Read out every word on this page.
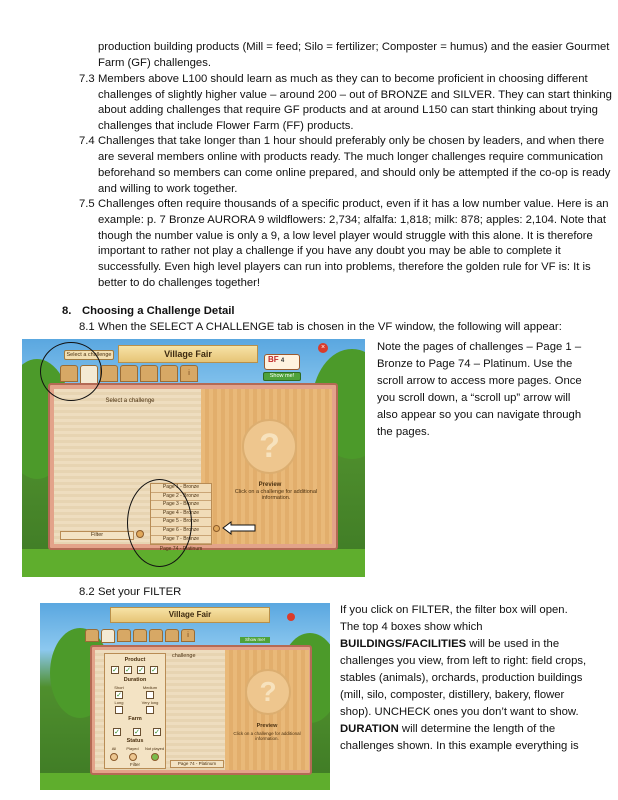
production building products (Mill = feed; Silo = fertilizer; Composter = humus) and the easier Gourmet
Farm (GF) challenges.
7.3 Members above L100 should learn as much as they can to become proficient in choosing different
challenges of slightly higher value – around 200 – out of BRONZE and SILVER. They can start thinking
about adding challenges that require GF products and at around L150 can start thinking about trying
challenges that include Flower Farm (FF) products.
7.4 Challenges that take longer than 1 hour should preferably only be chosen by leaders, and when there
are several members online with products ready. The much longer challenges require communication
beforehand so members can come online prepared, and should only be attempted if the co-op is ready
and willing to work together.
7.5 Challenges often require thousands of a specific product, even if it has a low number value. Here is an
example: p. 7 Bronze AURORA 9 wildflowers: 2,734; alfalfa: 1,818; milk: 878; apples: 2,104. Note that
though the number value is only a 9, a low level player would struggle with this alone. It is therefore
important to rather not play a challenge if you have any doubt you may be able to complete it
successfully. Even high level players can run into problems, therefore the golden rule for VF is: It is
better to do challenges together!
8. Choosing a Challenge Detail
8.1 When the SELECT A CHALLENGE tab is chosen in the VF window, the following will appear:
Village Fair
Select a challenge
i
BF 4
Show me!
×
Select a challenge
?
Preview
Click on a challenge for additional information.
Filter
Page 1 - Bronze
Page 2 - Bronze
Page 3 - Bronze
Page 4 - Bronze
Page 5 - Bronze
Page 6 - Bronze
Page 7 - Bronze
Page 74 - Platinum
Note the pages of challenges – Page 1 –
Bronze to Page 74 – Platinum. Use the
scroll arrow to access more pages. Once
you scroll down, a “scroll up” arrow will
also appear so you can navigate through
the pages.
8.2 Set your FILTER
Village Fair
i
Show me!
challenge
?
Preview
Click on a challenge for additional information.
Page 74 - Platinum
Product
✓ ✓ ✓ ✓
Duration
Short	Medium
✓
Long	Very long
Farm
✓ ✓ ✓
Status
All	Played	Not played
Filter
If you click on FILTER, the filter box will open.
The top 4 boxes show which
BUILDINGS/FACILITIES will be used in the
challenges you view, from left to right: field crops,
stables (animals), orchards, production buildings
(mill, silo, composter, distillery, bakery, flower
shop). UNCHECK ones you don’t want to show.
DURATION will determine the length of the
challenges shown. In this example everything is
